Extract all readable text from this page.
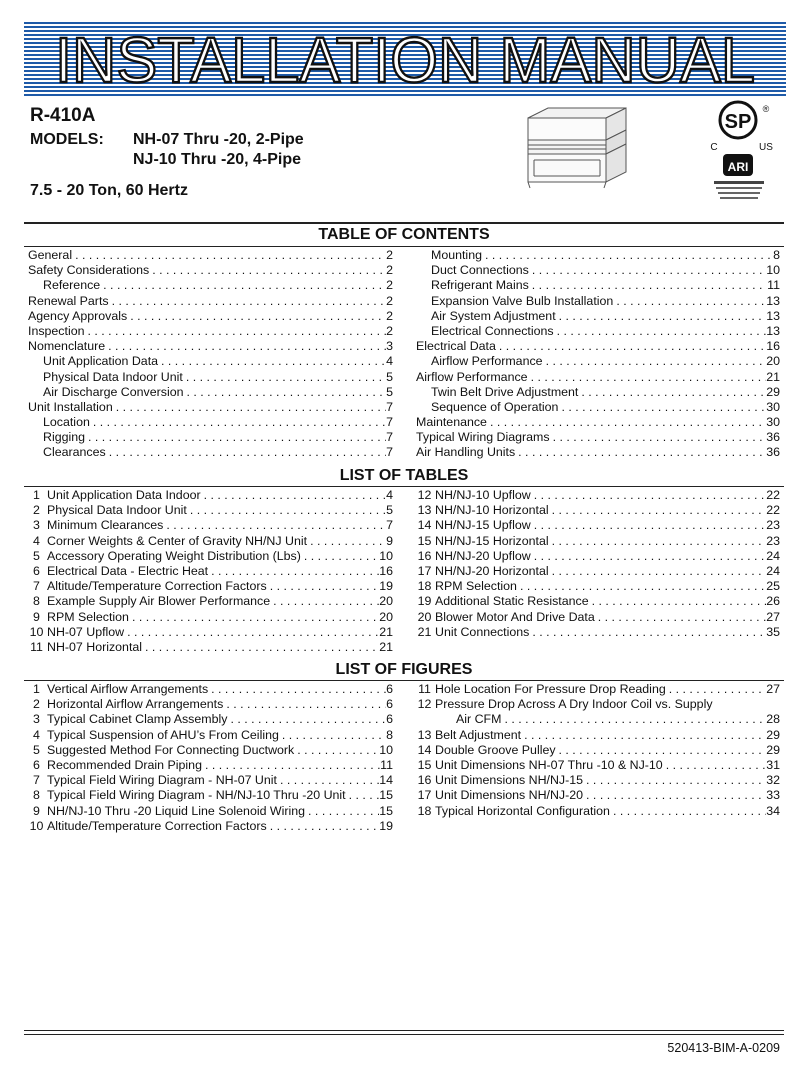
INSTALLATION MANUAL
R-410A
MODELS: NH-07 Thru -20, 2-Pipe
NJ-10 Thru -20, 4-Pipe
7.5 - 20 Ton, 60 Hertz
SP
®
C	US
ARI
TABLE OF CONTENTS
General . . .	2
Safety Considerations . . .	2
Reference . . .	2
Renewal Parts . . .	2
Agency Approvals . . .	2
Inspection . . .	2
Nomenclature . . .	3
Unit Application Data . . .	4
Physical Data Indoor Unit . . .	5
Air Discharge Conversion . . .	5
Unit Installation . . .	7
Location . . .	7
Rigging . . .	7
Clearances . . .	7
Mounting . . .	8
Duct Connections . . .	10
Refrigerant Mains . . .	11
Expansion Valve Bulb Installation . . .	13
Air System Adjustment . . .	13
Electrical Connections . . .	13
Electrical Data . . .	16
Airflow Performance . . .	20
Airflow Performance . . .	21
Twin Belt Drive Adjustment . . .	29
Sequence of Operation . . .	30
Maintenance . . .	30
Typical Wiring Diagrams . . .	36
Air Handling Units . . .	36
LIST OF TABLES
1 Unit Application Data Indoor . . .	4
2 Physical Data Indoor Unit . . .	5
3 Minimum Clearances . . .	7
4 Corner Weights & Center of Gravity NH/NJ Unit . . .	9
5 Accessory Operating Weight Distribution (Lbs) . . .	10
6 Electrical Data - Electric Heat . . .	16
7 Altitude/Temperature Correction Factors . . .	19
8 Example Supply Air Blower Performance . . .	20
9 RPM Selection . . .	20
10 NH-07 Upflow . . .	21
11 NH-07 Horizontal . . .	21
12 NH/NJ-10 Upflow . . .	22
13 NH/NJ-10 Horizontal . . .	22
14 NH/NJ-15 Upflow . . .	23
15 NH/NJ-15 Horizontal . . .	23
16 NH/NJ-20 Upflow . . .	24
17 NH/NJ-20 Horizontal . . .	24
18 RPM Selection . . .	25
19 Additional Static Resistance . . .	26
20 Blower Motor And Drive Data . . .	27
21 Unit Connections . . .	35
LIST OF FIGURES
1 Vertical Airflow Arrangements . . .	6
2 Horizontal Airflow Arrangements . . .	6
3 Typical Cabinet Clamp Assembly . . .	6
4 Typical Suspension of AHU’s From Ceiling . . .	8
5 Suggested Method For Connecting Ductwork . . .	10
6 Recommended Drain Piping . . .	11
7 Typical Field Wiring Diagram - NH-07 Unit . . .	14
8 Typical Field Wiring Diagram - NH/NJ-10 Thru -20 Unit . . .	15
9 NH/NJ-10 Thru -20 Liquid Line Solenoid Wiring . . .	15
10 Altitude/Temperature Correction Factors . . .	19
11 Hole Location For Pressure Drop Reading . . .	27
12 Pressure Drop Across A Dry Indoor Coil vs. Supply
Air CFM . . .	28
13 Belt Adjustment . . .	29
14 Double Groove Pulley . . .	29
15 Unit Dimensions NH-07 Thru -10 & NJ-10 . . .	31
16 Unit Dimensions NH/NJ-15 . . .	32
17 Unit Dimensions NH/NJ-20 . . .	33
18 Typical Horizontal Configuration . . .	34
520413-BIM-A-0209
